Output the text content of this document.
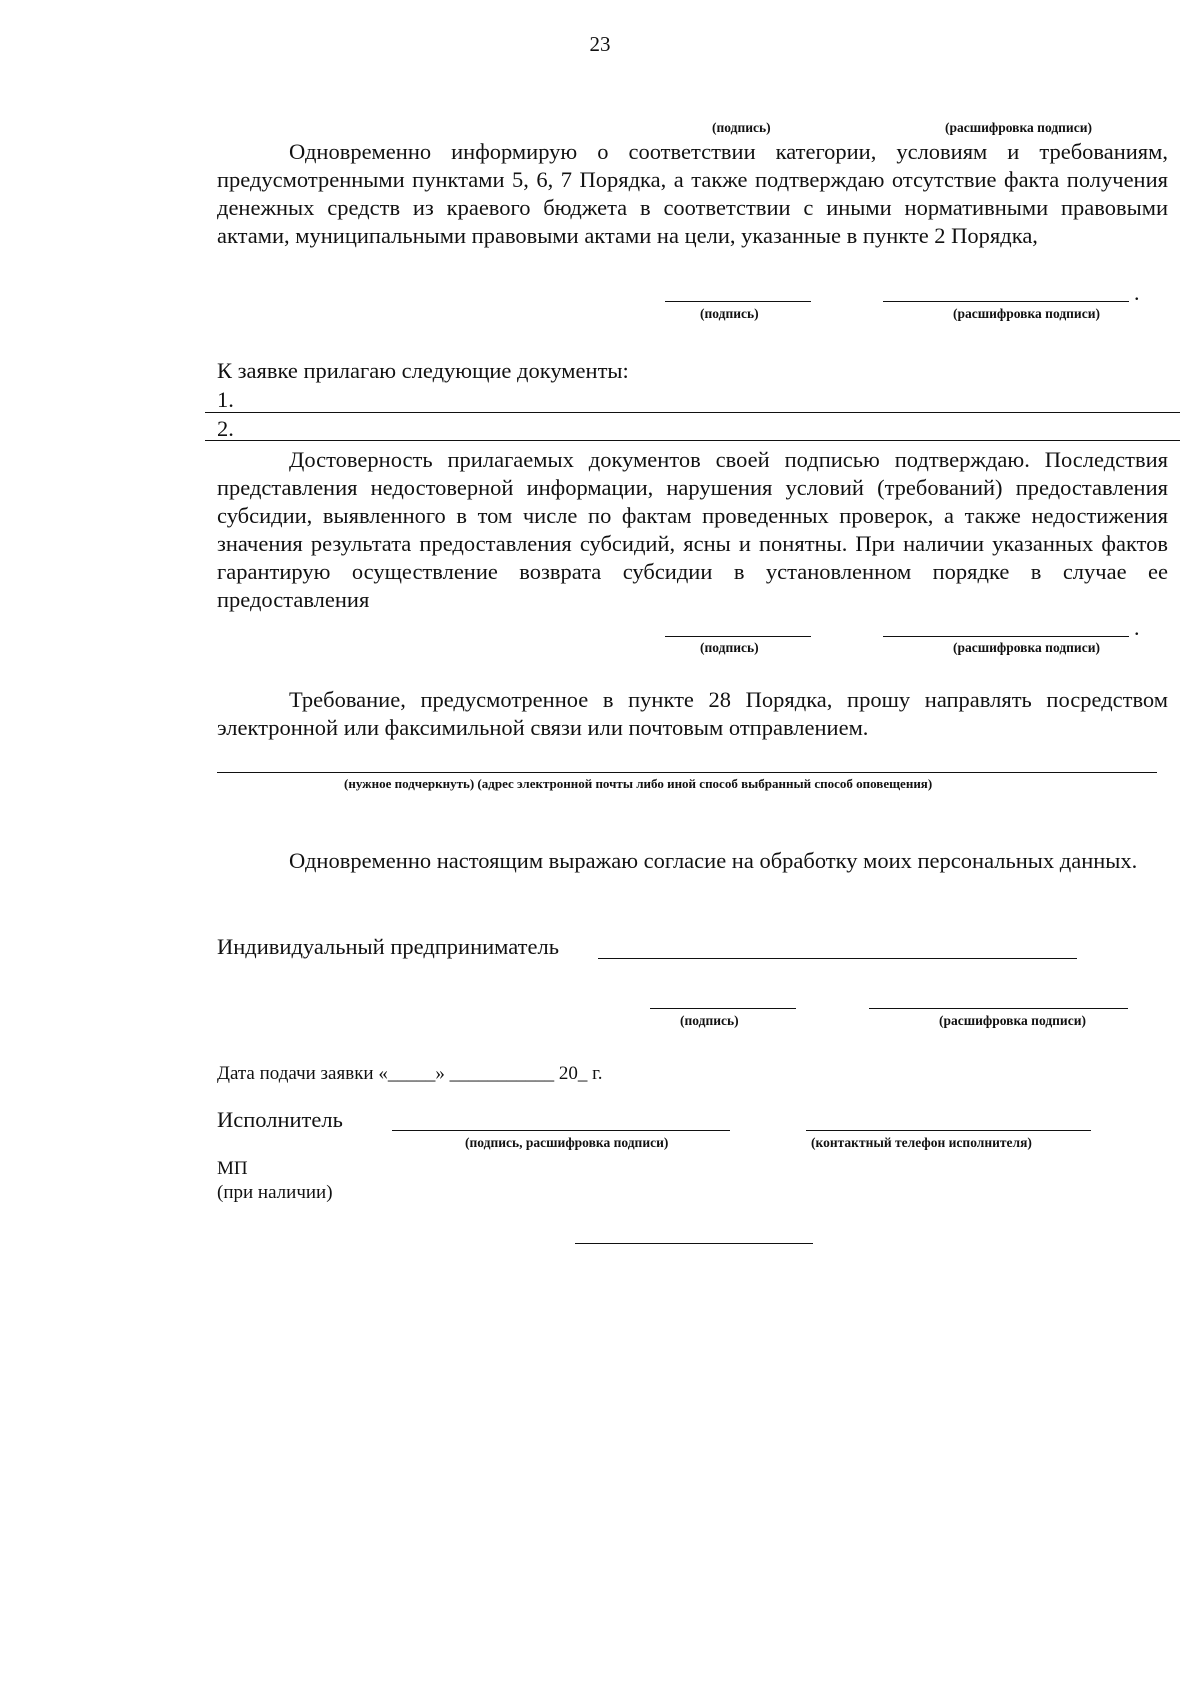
23
(подпись)	(расшифровка подписи)
Одновременно информирую о соответствии категории, условиям и требованиям, предусмотренными пунктами 5, 6, 7 Порядка, а также подтверждаю отсутствие факта получения денежных средств из краевого бюджета в соответствии с иными нормативными правовыми актами, муниципальными правовыми актами на цели, указанные в пункте 2 Порядка,
.
(подпись)	(расшифровка подписи)
К заявке прилагаю следующие документы:
1.
2.
Достоверность прилагаемых документов своей подписью подтверждаю. Последствия представления недостоверной информации, нарушения условий (требований) предоставления субсидии, выявленного в том числе по фактам проведенных проверок, а также недостижения значения результата предоставления субсидий, ясны и понятны. При наличии указанных фактов гарантирую осуществление возврата субсидии в установленном порядке в случае ее предоставления
.
(подпись)	(расшифровка подписи)
Требование, предусмотренное в пункте 28 Порядка, прошу направлять посредством электронной или факсимильной связи или почтовым отправлением.
(нужное подчеркнуть) (адрес электронной почты либо иной способ выбранный способ оповещения)
Одновременно настоящим выражаю согласие на обработку моих персональных данных.
Индивидуальный предприниматель
(подпись)	(расшифровка подписи)
Дата подачи заявки «_____» ___________ 20_ г.
Исполнитель
(подпись, расшифровка подписи)	(контактный телефон исполнителя)
МП
(при наличии)
